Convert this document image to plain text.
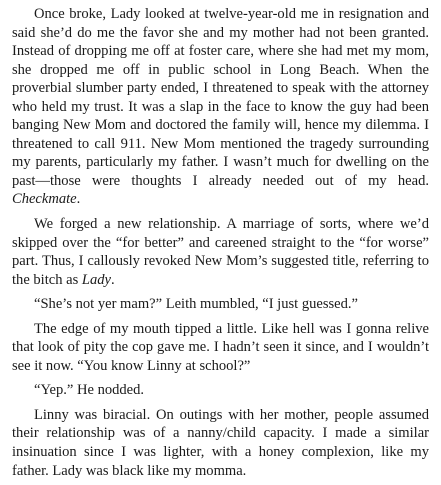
Once broke, Lady looked at twelve-year-old me in resignation and said she’d do me the favor she and my mother had not been granted. Instead of dropping me off at foster care, where she had met my mom, she dropped me off in public school in Long Beach. When the proverbial slumber party ended, I threatened to speak with the attorney who held my trust. It was a slap in the face to know the guy had been banging New Mom and doctored the family will, hence my dilemma. I threatened to call 911. New Mom mentioned the tragedy surrounding my parents, particularly my father. I wasn’t much for dwelling on the past—those were thoughts I already needed out of my head. Checkmate.

We forged a new relationship. A marriage of sorts, where we’d skipped over the “for better” and careened straight to the “for worse” part. Thus, I callously revoked New Mom’s suggested title, referring to the bitch as Lady.

“She’s not yer mam?” Leith mumbled, “I just guessed.”

The edge of my mouth tipped a little. Like hell was I gonna relive that look of pity the cop gave me. I hadn’t seen it since, and I wouldn’t see it now. “You know Linny at school?”

“Yep.” He nodded.

Linny was biracial. On outings with her mother, people assumed their relationship was of a nanny/child capacity. I made a similar insinuation since I was lighter, with a honey complexion, like my father. Lady was black like my momma.
